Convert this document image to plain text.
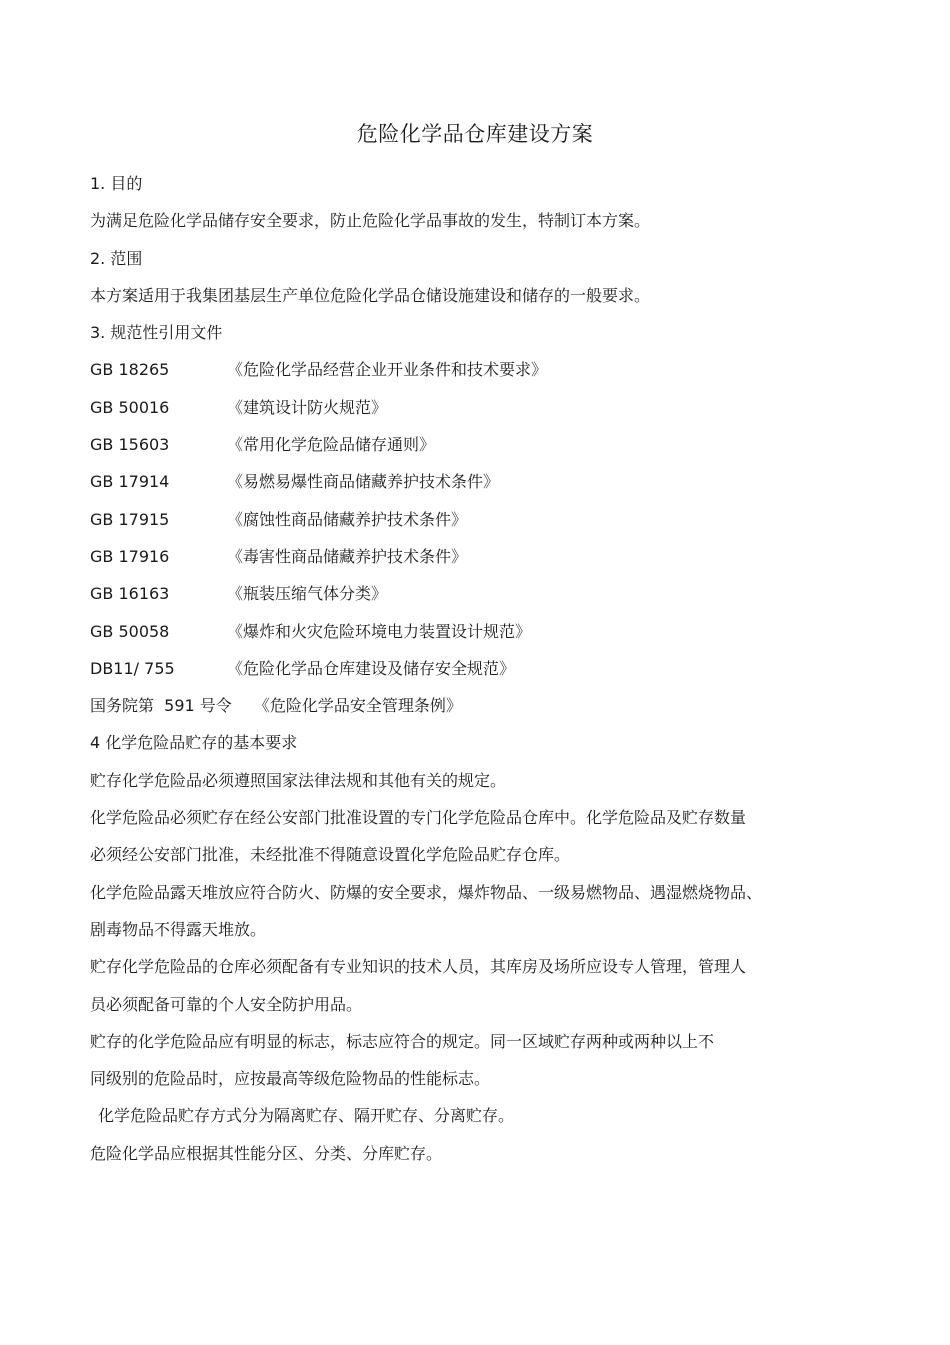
危险化学品仓库建设方案
1. 目的
为满足危险化学品储存安全要求，防止危险化学品事故的发生，特制订本方案。
2. 范围
本方案适用于我集团基层生产单位危险化学品仓储设施建设和储存的一般要求。
3. 规范性引用文件
GB 18265	《危险化学品经营企业开业条件和技术要求》
GB 50016	《建筑设计防火规范》
GB 15603	《常用化学危险品储存通则》
GB 17914	《易燃易爆性商品储藏养护技术条件》
GB 17915	《腐蚀性商品储藏养护技术条件》
GB 17916	《毒害性商品储藏养护技术条件》
GB 16163	《瓶装压缩气体分类》
GB 50058	《爆炸和火灾危险环境电力装置设计规范》
DB11/ 755	《危险化学品仓库建设及储存安全规范》
国务院第  591 号令 《危险化学品安全管理条例》
4 化学危险品贮存的基本要求
贮存化学危险品必须遵照国家法律法规和其他有关的规定。
化学危险品必须贮存在经公安部门批准设置的专门化学危险品仓库中。化学危险品及贮存数量
必须经公安部门批准，未经批准不得随意设置化学危险品贮存仓库。
化学危险品露天堆放应符合防火、防爆的安全要求，爆炸物品、一级易燃物品、遇湿燃烧物品、
剧毒物品不得露天堆放。
贮存化学危险品的仓库必须配备有专业知识的技术人员，其库房及场所应设专人管理，管理人
员必须配备可靠的个人安全防护用品。
贮存的化学危险品应有明显的标志，标志应符合的规定。同一区域贮存两种或两种以上不
同级别的危险品时，应按最高等级危险物品的性能标志。
化学危险品贮存方式分为隔离贮存、隔开贮存、分离贮存。
危险化学品应根据其性能分区、分类、分库贮存。
